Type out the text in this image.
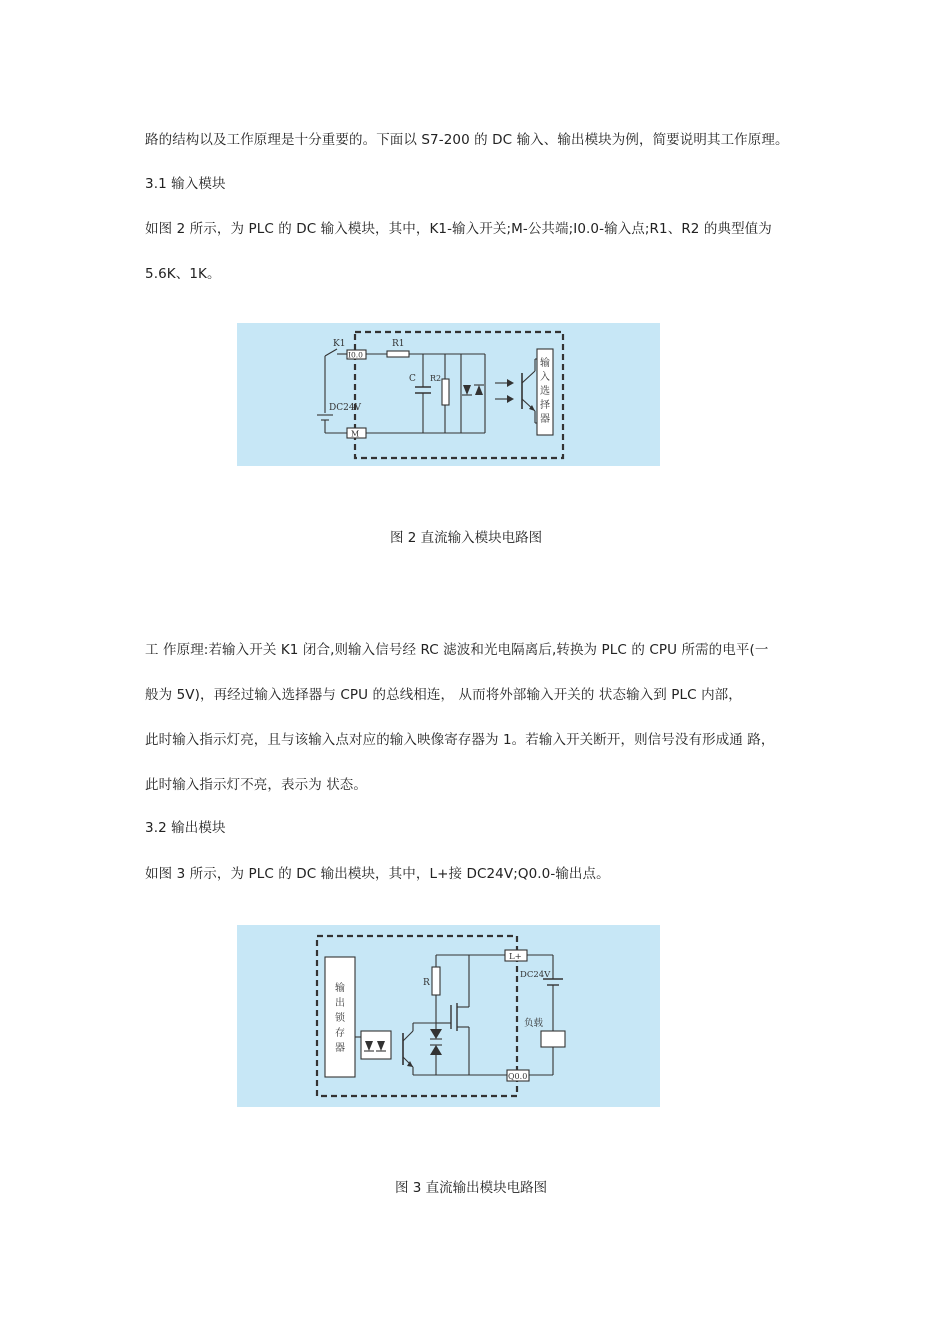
路的结构以及工作原理是十分重要的。下面以 S7-200 的 DC 输入、输出模块为例，简要说明其工作原理。
3.1 输入模块
如图 2 所示，为 PLC 的 DC 输入模块，其中，K1-输入开关;M-公共端;I0.0-输入点;R1、R2 的典型值为
5.6K、1K。
K1
DC24V
I0.0
M
R1
C R2
输
入
选
择
器
图 2 直流输入模块电路图
工 作原理:若输入开关 K1 闭合,则输入信号经 RC 滤波和光电隔离后,转换为 PLC 的 CPU 所需的电平(一
般为 5V)，再经过输入选择器与 CPU 的总线相连， 从而将外部输入开关的 状态输入到 PLC 内部，
此时输入指示灯亮，且与该输入点对应的输入映像寄存器为 1。若输入开关断开，则信号没有形成通 路，
此时输入指示灯不亮，表示为 状态。
3.2 输出模块
如图 3 所示，为 PLC 的 DC 输出模块，其中，L+接 DC24V;Q0.0-输出点。
输
出
锁
存
器
R
L+
Q0.0
DC24V
负载
图 3 直流输出模块电路图
